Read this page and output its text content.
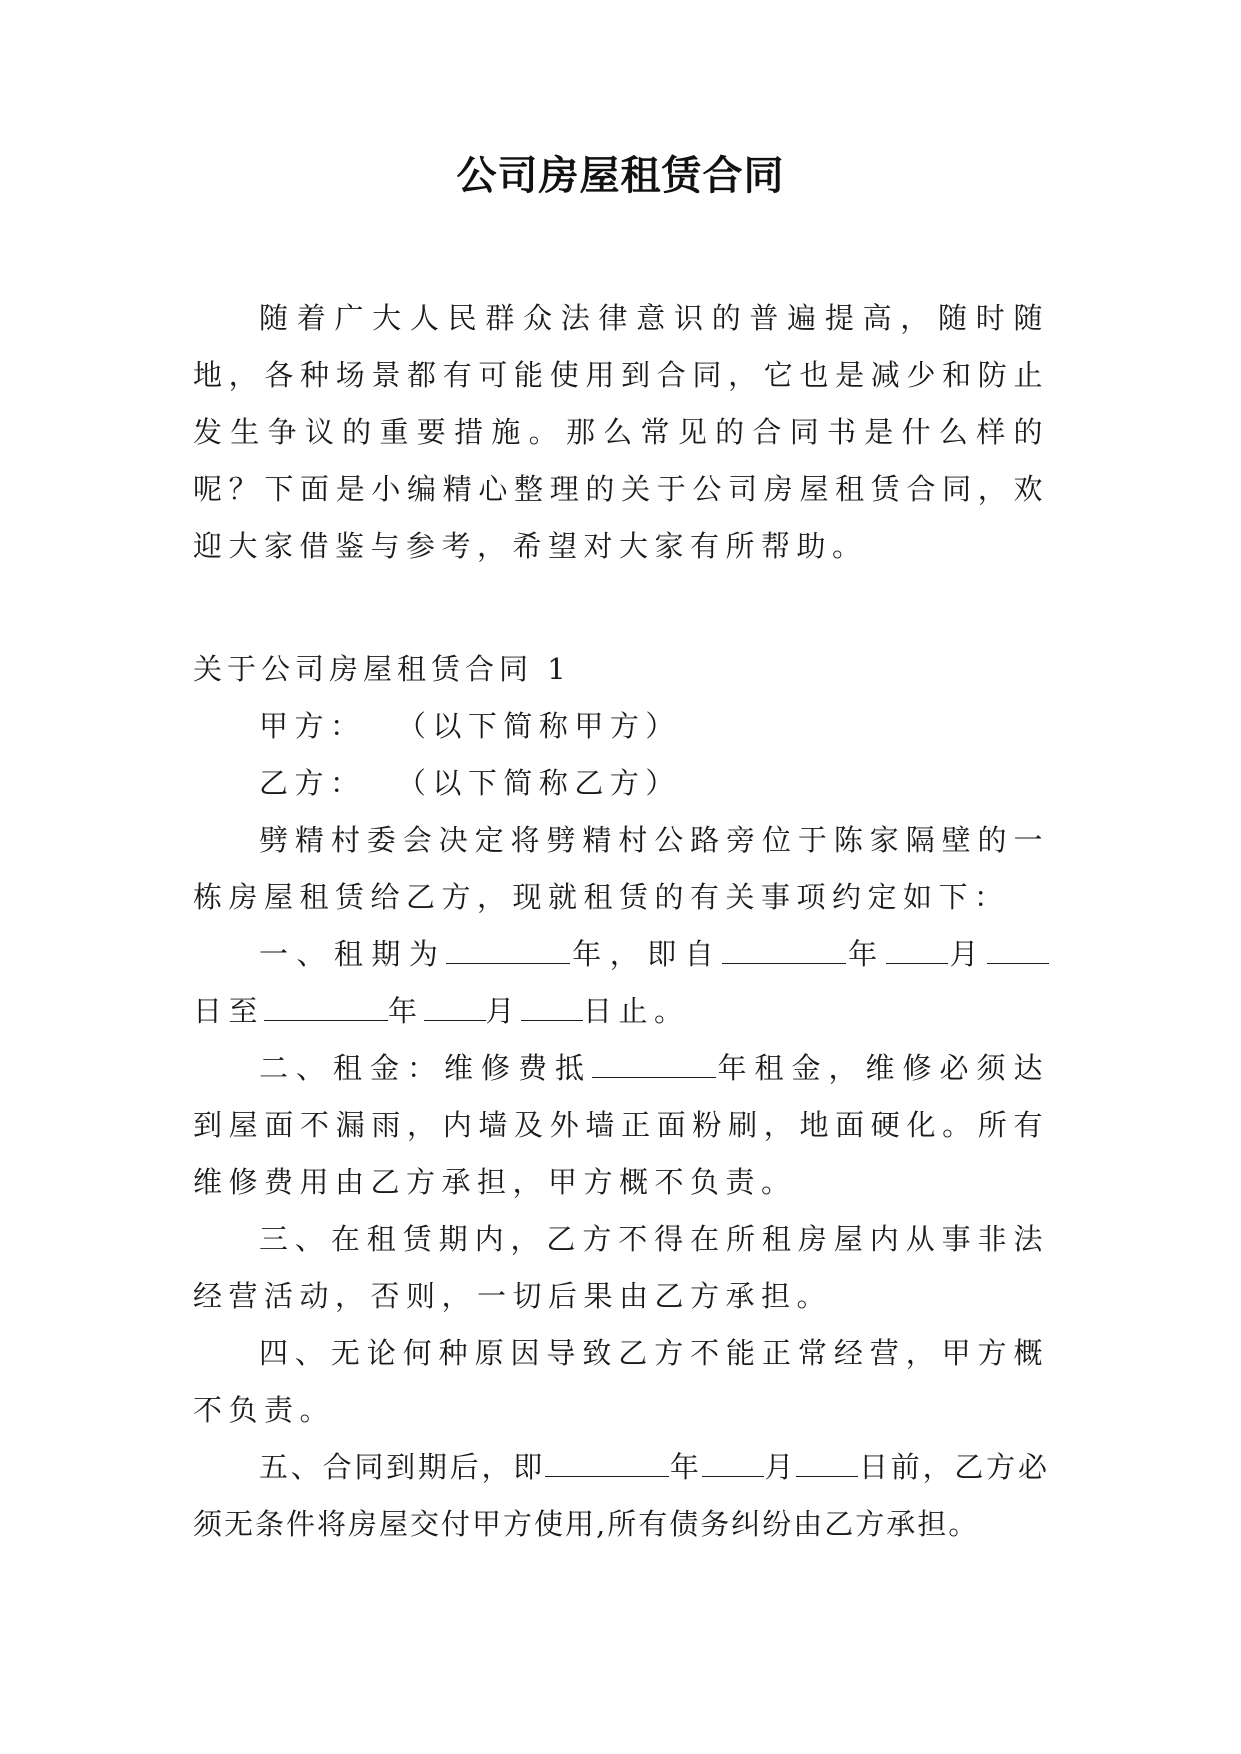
公司房屋租赁合同

随着广大人民群众法律意识的普遍提高，随时随地，各种场景都有可能使用到合同，它也是减少和防止发生争议的重要措施。那么常见的合同书是什么样的呢？下面是小编精心整理的关于公司房屋租赁合同，欢迎大家借鉴与参考，希望对大家有所帮助。

关于公司房屋租赁合同 1

甲方：  （以下简称甲方）

乙方：  （以下简称乙方）

劈精村委会决定将劈精村公路旁位于陈家隔壁的一栋房屋租赁给乙方，现就租赁的有关事项约定如下：

一、租期为	年，即自	年 月日至	年 月 日止。

二、租金：维修费抵	年租金，维修必须达到屋面不漏雨，内墙及外墙正面粉刷，地面硬化。所有维修费用由乙方承担，甲方概不负责。

三、在租赁期内，乙方不得在所租房屋内从事非法经营活动，否则，一切后果由乙方承担。

四、无论何种原因导致乙方不能正常经营，甲方概不负责。

五、合同到期后，即	年 月 日前，乙方必须无条件将房屋交付甲方使用,所有债务纠纷由乙方承担。
